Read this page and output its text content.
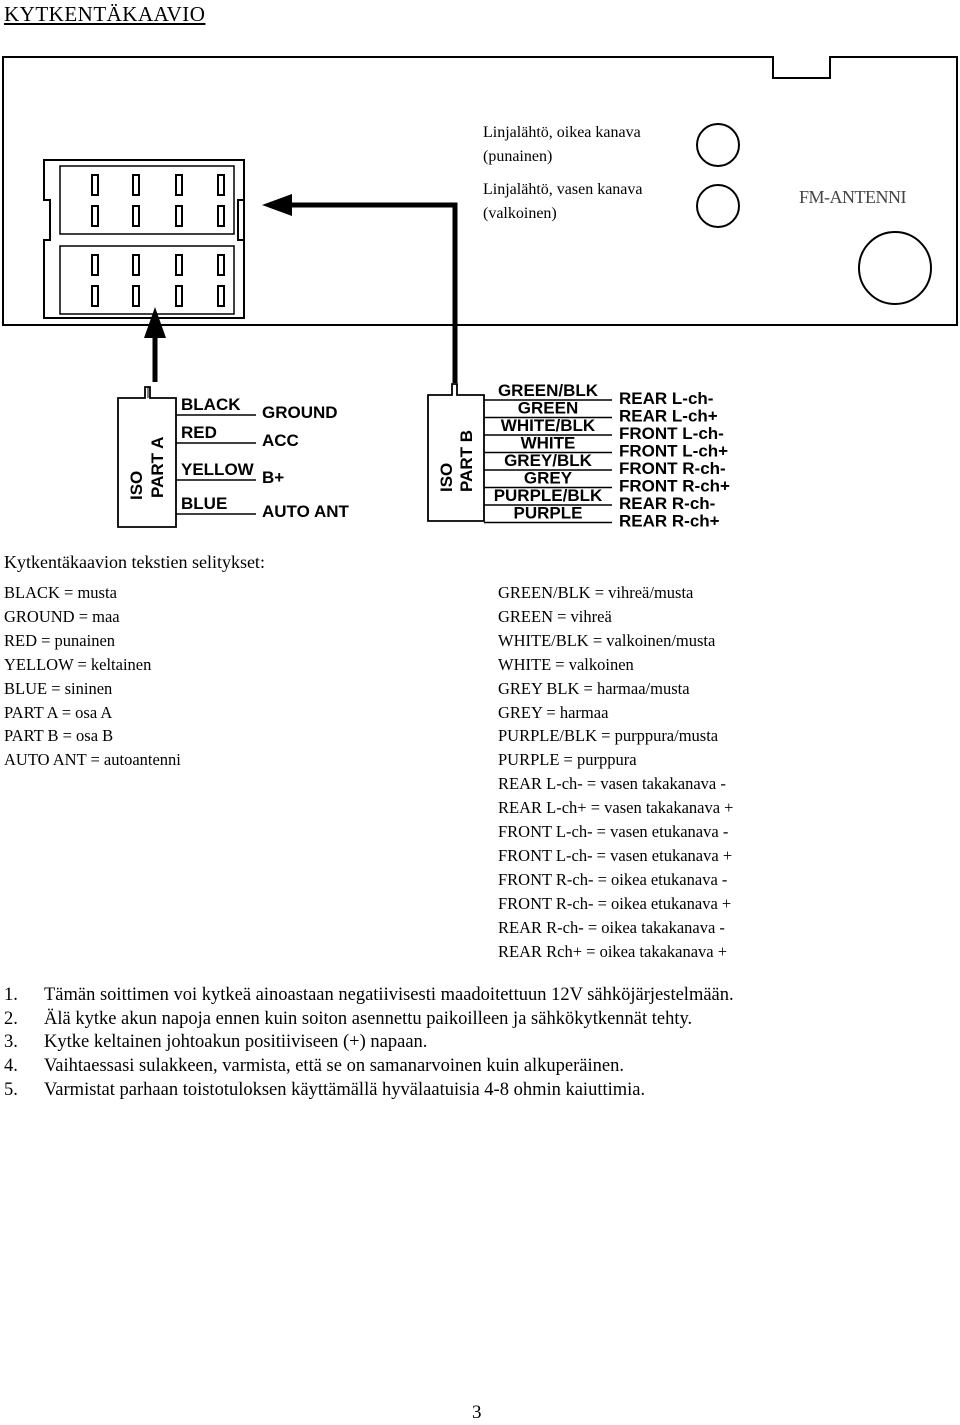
KYTKENTÄKAAVIO
Linjalähtö, oikea kanava
(punainen)
Linjalähtö, vasen kanava
(valkoinen)
FM-ANTENNI
ISO PART A
BLACK
RED
YELLOW
BLUE
GROUND
ACC
B+
AUTO ANT
ISO PART B
GREEN/BLK
GREEN
WHITE/BLK
WHITE
GREY/BLK
GREY
PURPLE/BLK
PURPLE
REAR L-ch-
REAR L-ch+
FRONT L-ch-
FRONT L-ch+
FRONT R-ch-
FRONT R-ch+
REAR R-ch-
REAR R-ch+
Kytkentäkaavion tekstien selitykset:
BLACK = musta
GROUND = maa
RED = punainen
YELLOW = keltainen
BLUE = sininen
PART A = osa A
PART B = osa B
AUTO ANT = autoantenni
GREEN/BLK = vihreä/musta
GREEN = vihreä
WHITE/BLK = valkoinen/musta
WHITE = valkoinen
GREY BLK = harmaa/musta
GREY = harmaa
PURPLE/BLK = purppura/musta
PURPLE = purppura
REAR L-ch- = vasen takakanava -
REAR L-ch+ = vasen takakanava +
FRONT L-ch- = vasen etukanava -
FRONT L-ch- = vasen etukanava +
FRONT R-ch- = oikea etukanava -
FRONT R-ch- = oikea etukanava +
REAR R-ch- = oikea takakanava -
REAR Rch+ = oikea takakanava +
1. Tämän soittimen voi kytkeä ainoastaan negatiivisesti maadoitettuun 12V sähköjärjestelmään.
2. Älä kytke akun napoja ennen kuin soiton asennettu paikoilleen ja sähkökytkennät tehty.
3. Kytke keltainen johtoakun positiiviseen (+) napaan.
4. Vaihtaessasi sulakkeen, varmista, että se on samanarvoinen kuin alkuperäinen.
5. Varmistat parhaan toistotuloksen käyttämällä hyvälaatuisia 4-8 ohmin kaiuttimia.
3
